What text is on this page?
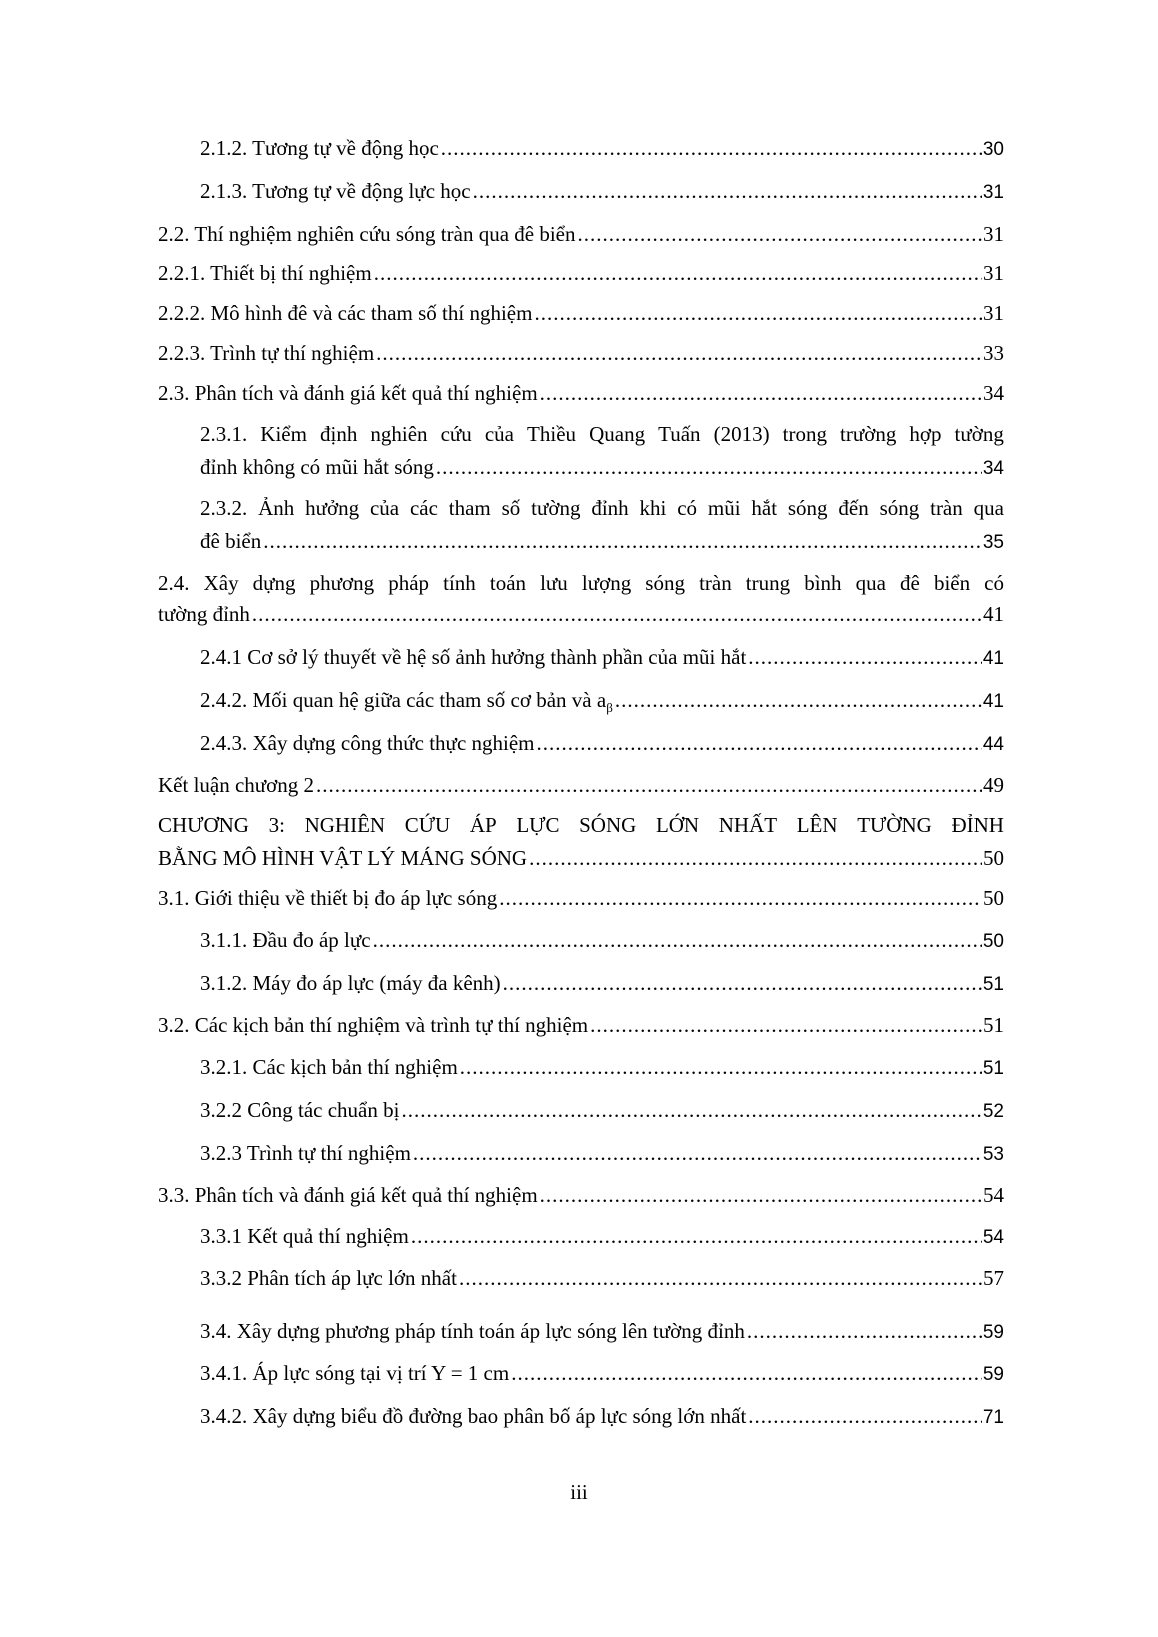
2.1.2. Tương tự về động học .....	30
2.1.3. Tương tự về động lực học .....	31
2.2. Thí nghiệm nghiên cứu sóng tràn qua đê biển .....	31
2.2.1. Thiết bị thí nghiệm .....	31
2.2.2. Mô hình đê và các tham số thí nghiệm .....	31
2.2.3. Trình tự thí nghiệm .....	33
2.3. Phân tích và đánh giá kết quả thí nghiệm .....	34
2.3.1. Kiểm định nghiên cứu của Thiều Quang Tuấn (2013) trong trường hợp tường
đỉnh không có mũi hắt sóng .....	34
2.3.2. Ảnh hưởng của các tham số tường đỉnh khi có mũi hắt sóng đến sóng tràn qua
đê biển .....	35
2.4. Xây dựng phương pháp tính toán lưu lượng sóng tràn trung bình qua đê biển có
tường đỉnh .....	41
2.4.1 Cơ sở lý thuyết về hệ số ảnh hưởng thành phần của mũi hắt .....	41
2.4.2. Mối quan hệ giữa các tham số cơ bản và $a_\beta$ .....	41
2.4.3. Xây dựng công thức thực nghiệm .....	44
Kết luận chương 2 .....	49
CHƯƠNG 3: NGHIÊN CỨU ÁP LỰC SÓNG LỚN NHẤT LÊN TƯỜNG ĐỈNH
BẰNG MÔ HÌNH VẬT LÝ MÁNG SÓNG .....	50
3.1. Giới thiệu về thiết bị đo áp lực sóng .....	50
3.1.1. Đầu đo áp lực .....	50
3.1.2. Máy đo áp lực (máy đa kênh) .....	51
3.2. Các kịch bản thí nghiệm và trình tự thí nghiệm .....	51
3.2.1. Các kịch bản thí nghiệm .....	51
3.2.2 Công tác chuẩn bị .....	52
3.2.3 Trình tự thí nghiệm .....	53
3.3. Phân tích và đánh giá kết quả thí nghiệm .....	54
3.3.1 Kết quả thí nghiệm .....	54
3.3.2 Phân tích áp lực lớn nhất .....	57
3.4. Xây dựng phương pháp tính toán áp lực sóng lên tường đỉnh .....	59
3.4.1. Áp lực sóng tại vị trí Y = 1 cm .....	59
3.4.2. Xây dựng biểu đồ đường bao phân bố áp lực sóng lớn nhất .....	71
iii
